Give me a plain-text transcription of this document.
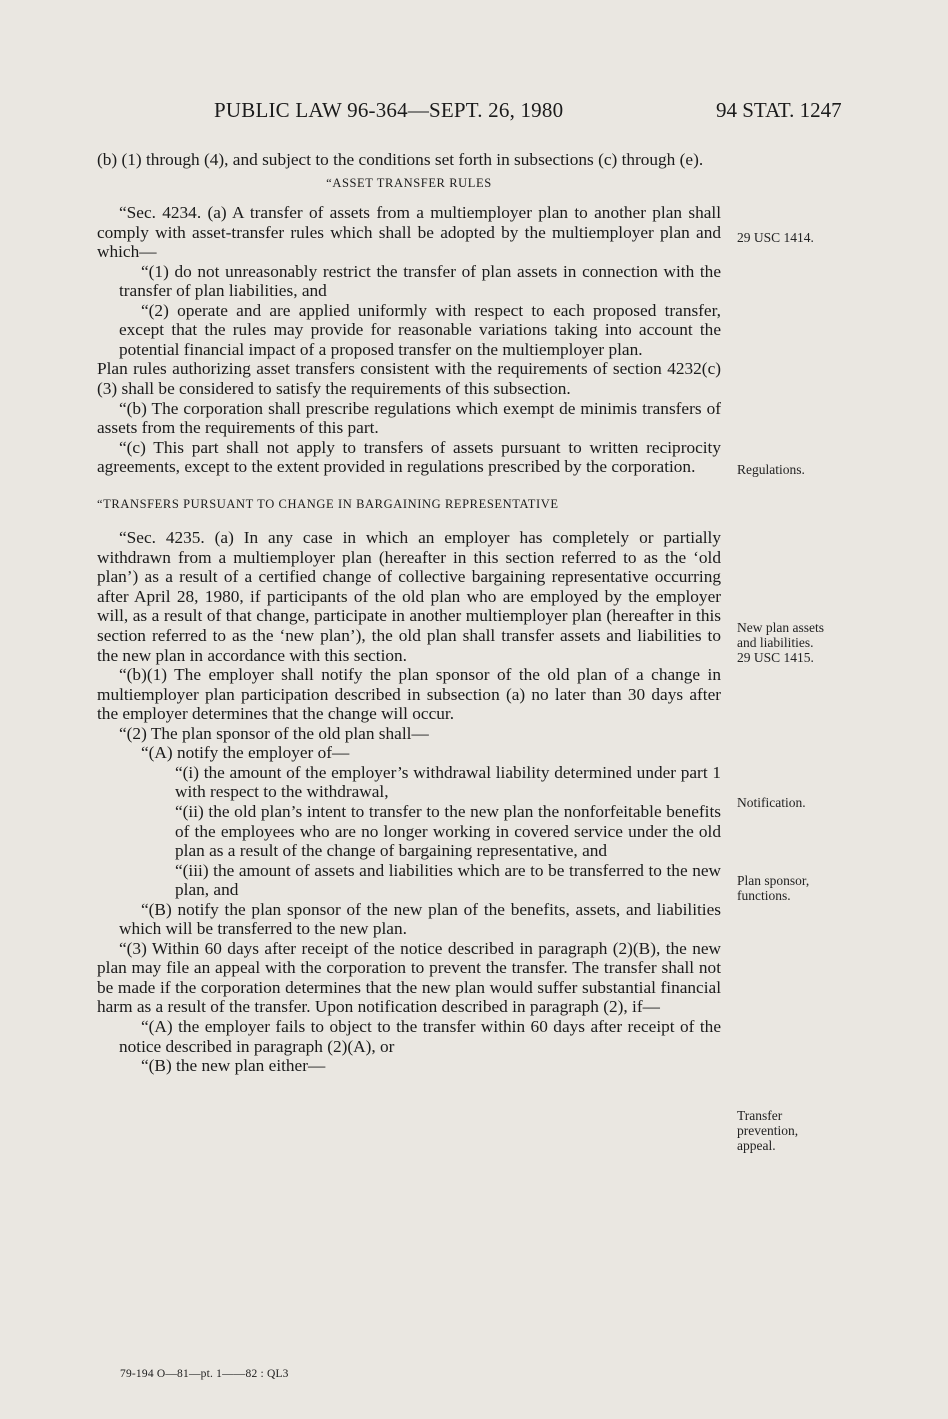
PUBLIC LAW 96-364—SEPT. 26, 1980	94 STAT. 1247

(b) (1) through (4), and subject to the conditions set forth in subsections (c) through (e).

“ASSET TRANSFER RULES

“Sec. 4234. (a) A transfer of assets from a multiemployer plan to another plan shall comply with asset-transfer rules which shall be adopted by the multiemployer plan and which—

“(1) do not unreasonably restrict the transfer of plan assets in connection with the transfer of plan liabilities, and

“(2) operate and are applied uniformly with respect to each proposed transfer, except that the rules may provide for reasonable variations taking into account the potential financial impact of a proposed transfer on the multiemployer plan.

Plan rules authorizing asset transfers consistent with the requirements of section 4232(c)(3) shall be considered to satisfy the requirements of this subsection.

“(b) The corporation shall prescribe regulations which exempt de minimis transfers of assets from the requirements of this part.

“(c) This part shall not apply to transfers of assets pursuant to written reciprocity agreements, except to the extent provided in regulations prescribed by the corporation.

“TRANSFERS PURSUANT TO CHANGE IN BARGAINING REPRESENTATIVE

“Sec. 4235. (a) In any case in which an employer has completely or partially withdrawn from a multiemployer plan (hereafter in this section referred to as the ‘old plan’) as a result of a certified change of collective bargaining representative occurring after April 28, 1980, if participants of the old plan who are employed by the employer will, as a result of that change, participate in another multiemployer plan (hereafter in this section referred to as the ‘new plan’), the old plan shall transfer assets and liabilities to the new plan in accordance with this section.

“(b)(1) The employer shall notify the plan sponsor of the old plan of a change in multiemployer plan participation described in subsection (a) no later than 30 days after the employer determines that the change will occur.

“(2) The plan sponsor of the old plan shall—

“(A) notify the employer of—

“(i) the amount of the employer’s withdrawal liability determined under part 1 with respect to the withdrawal,

“(ii) the old plan’s intent to transfer to the new plan the nonforfeitable benefits of the employees who are no longer working in covered service under the old plan as a result of the change of bargaining representative, and

“(iii) the amount of assets and liabilities which are to be transferred to the new plan, and

“(B) notify the plan sponsor of the new plan of the benefits, assets, and liabilities which will be transferred to the new plan.

“(3) Within 60 days after receipt of the notice described in paragraph (2)(B), the new plan may file an appeal with the corporation to prevent the transfer. The transfer shall not be made if the corporation determines that the new plan would suffer substantial financial harm as a result of the transfer. Upon notification described in paragraph (2), if—

“(A) the employer fails to object to the transfer within 60 days after receipt of the notice described in paragraph (2)(A), or

“(B) the new plan either—

29 USC 1414.
Regulations.
New plan assets
and liabilities.
29 USC 1415.
Notification.
Plan sponsor,
functions.
Transfer
prevention,
appeal.
79-194 O—81—pt. 1——82 : QL3
